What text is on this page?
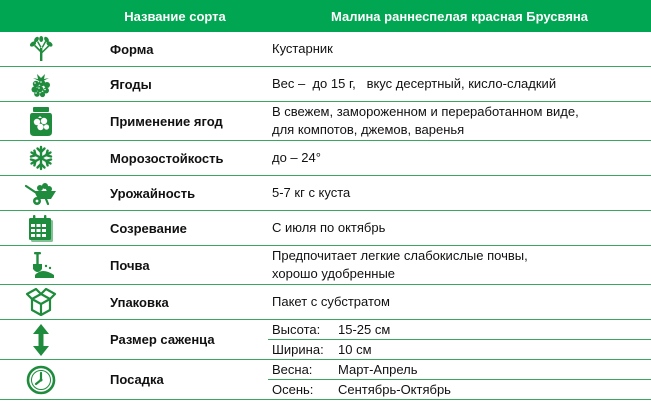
	Название сорта	Малина раннеспелая красная Брусвяна	

	Форма	Кустарник	

	Ягоды	Вес –  до 15 г,   вкус десертный, кисло-сладкий	

	Применение ягод	В свежем, замороженном и переработанном виде,
для компотов, джемов, варенья	

	Морозостойкость	до – 24°	

	Урожайность	5-7 кг с куста	

	Созревание	С июля по октябрь	

	Почва	Предпочитает легкие слабокислые почвы,
хорошо удобренные	

	Упаковка	Пакет с субстратом	

	Размер саженца	Высота:	15-25 см
		Ширина:	10 см

	Посадка	Весна:	Март-Апрель
		Осень:	Сентябрь-Октябрь
